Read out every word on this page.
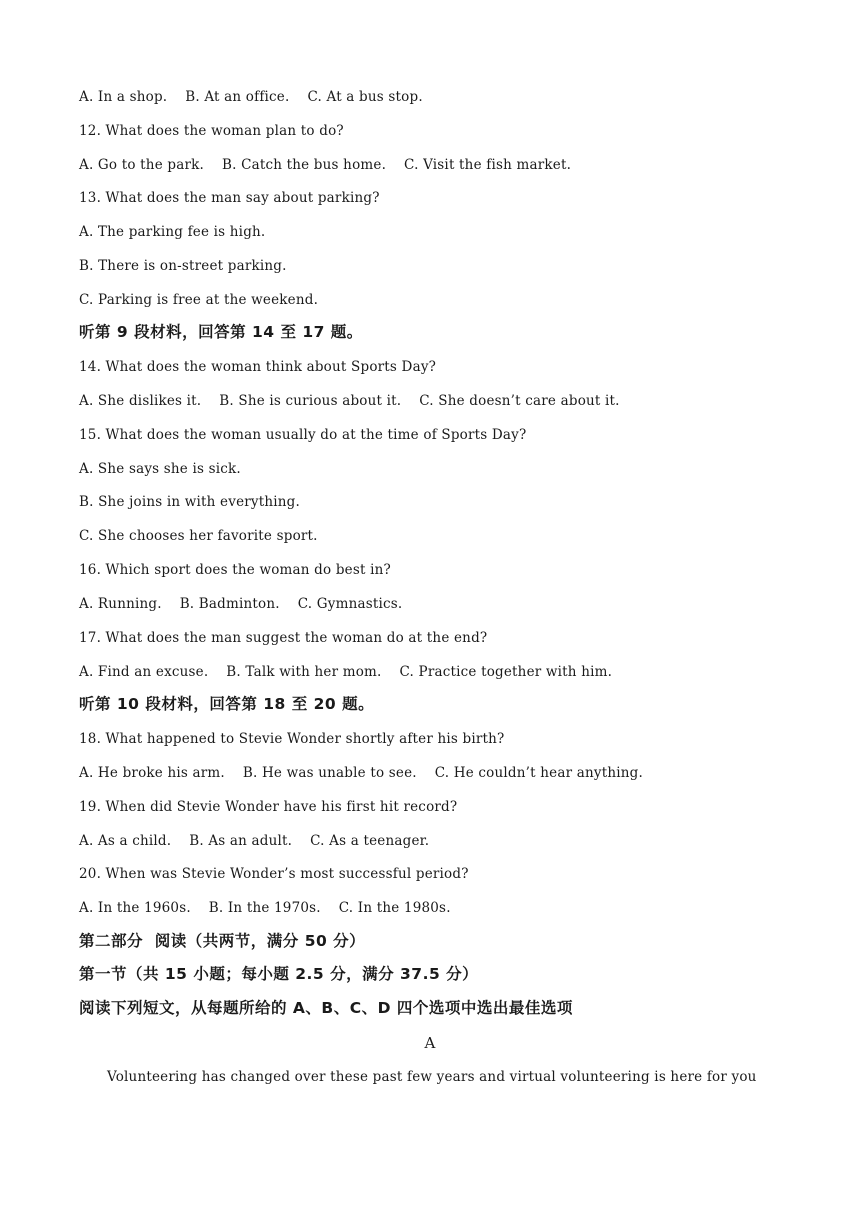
A. In a shop.    B. At an office.    C. At a bus stop.
12. What does the woman plan to do?
A. Go to the park.    B. Catch the bus home.    C. Visit the fish market.
13. What does the man say about parking?
A. The parking fee is high.
B. There is on-street parking.
C. Parking is free at the weekend.
听第 9 段材料，回答第 14 至 17 题。
14. What does the woman think about Sports Day?
A. She dislikes it.    B. She is curious about it.    C. She doesn’t care about it.
15. What does the woman usually do at the time of Sports Day?
A. She says she is sick.
B. She joins in with everything.
C. She chooses her favorite sport.
16. Which sport does the woman do best in?
A. Running.    B. Badminton.    C. Gymnastics.
17. What does the man suggest the woman do at the end?
A. Find an excuse.    B. Talk with her mom.    C. Practice together with him.
听第 10 段材料，回答第 18 至 20 题。
18. What happened to Stevie Wonder shortly after his birth?
A. He broke his arm.    B. He was unable to see.    C. He couldn’t hear anything.
19. When did Stevie Wonder have his first hit record?
A. As a child.    B. As an adult.    C. As a teenager.
20. When was Stevie Wonder’s most successful period?
A. In the 1960s.    B. In the 1970s.    C. In the 1980s.
第二部分  阅读（共两节，满分 50 分）
第一节（共 15 小题；每小题 2.5 分，满分 37.5 分）
阅读下列短文，从每题所给的 A、B、C、D 四个选项中选出最佳选项
A
Volunteering has changed over these past few years and virtual volunteering is here for you
